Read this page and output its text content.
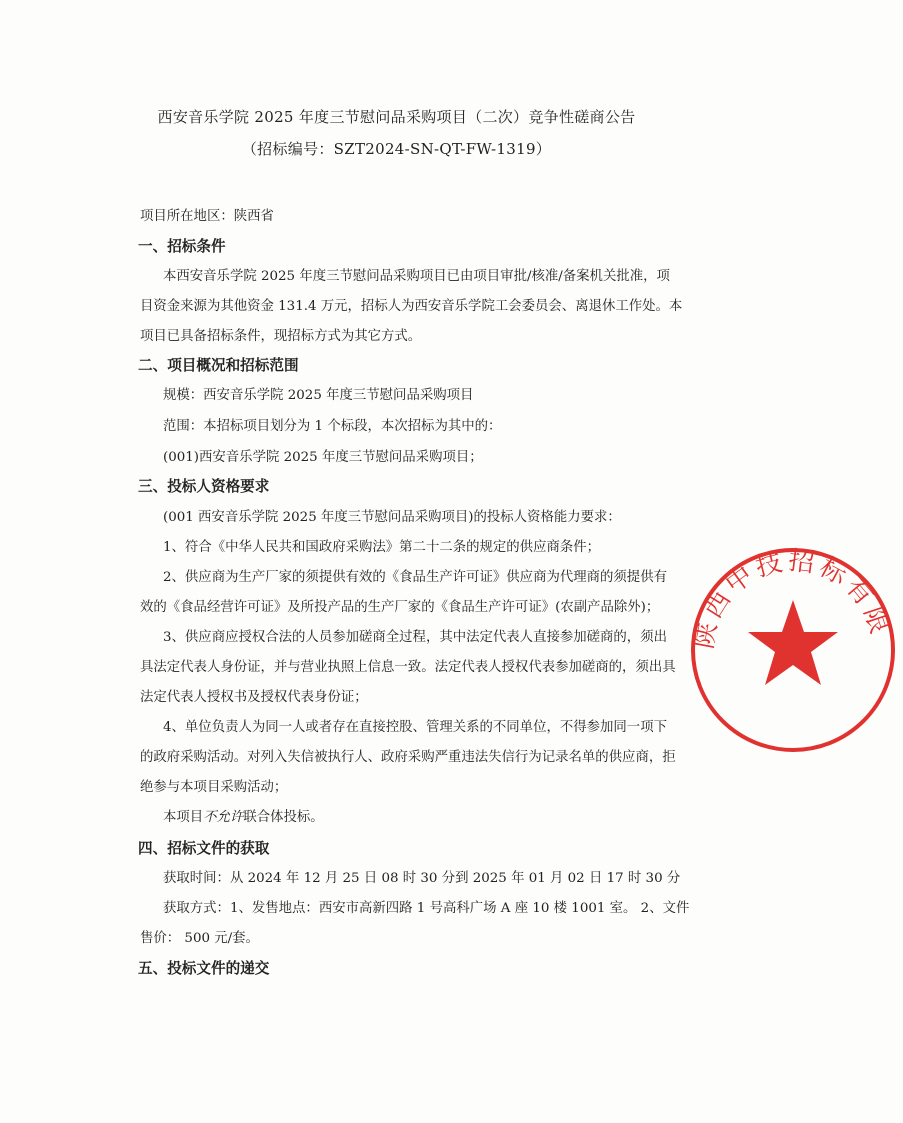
西安音乐学院 2025 年度三节慰问品采购项目（二次）竞争性磋商公告
（招标编号：SZT2024-SN-QT-FW-1319）
项目所在地区：陕西省
一、招标条件
本西安音乐学院 2025 年度三节慰问品采购项目已由项目审批/核准/备案机关批准，项
目资金来源为其他资金 131.4 万元，招标人为西安音乐学院工会委员会、离退休工作处。本
项目已具备招标条件，现招标方式为其它方式。
二、项目概况和招标范围
规模：西安音乐学院 2025 年度三节慰问品采购项目
范围：本招标项目划分为 1 个标段，本次招标为其中的：
(001)西安音乐学院 2025 年度三节慰问品采购项目；
三、投标人资格要求
(001 西安音乐学院 2025 年度三节慰问品采购项目)的投标人资格能力要求：
1、符合《中华人民共和国政府采购法》第二十二条的规定的供应商条件；
2、供应商为生产厂家的须提供有效的《食品生产许可证》供应商为代理商的须提供有
效的《食品经营许可证》及所投产品的生产厂家的《食品生产许可证》(农副产品除外)；
3、供应商应授权合法的人员参加磋商全过程，其中法定代表人直接参加磋商的，须出
具法定代表人身份证，并与营业执照上信息一致。法定代表人授权代表参加磋商的，须出具
法定代表人授权书及授权代表身份证；
4、单位负责人为同一人或者存在直接控股、管理关系的不同单位，不得参加同一项下
的政府采购活动。对列入失信被执行人、政府采购严重违法失信行为记录名单的供应商，拒
绝参与本项目采购活动；
本项目不允许联合体投标。
四、招标文件的获取
获取时间：从 2024 年 12 月 25 日 08 时 30 分到 2025 年 01 月 02 日 17 时 30 分
获取方式：1、发售地点：西安市高新四路 1 号高科广场 A 座 10 楼 1001 室。 2、文件
售价： 500 元/套。
五、投标文件的递交
陕西中技招标有限
